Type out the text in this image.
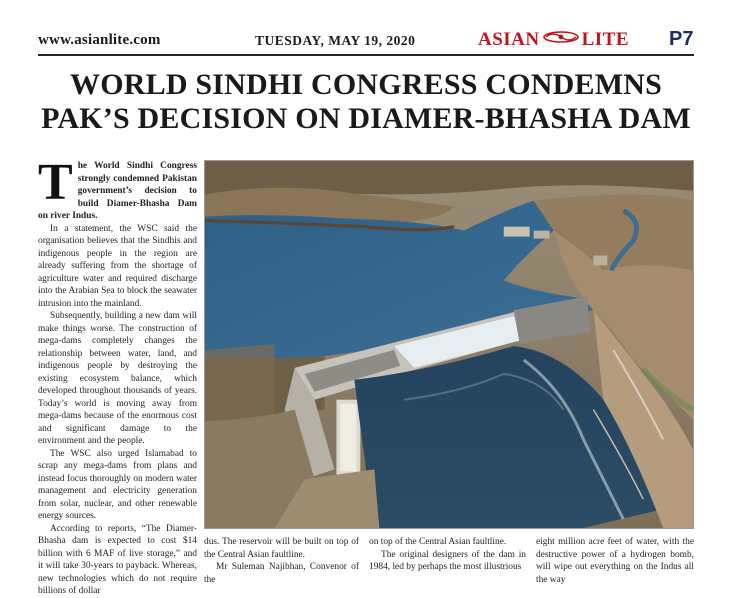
www.asianlite.com	TUESDAY, MAY 19, 2020	ASIAN LITE P7
WORLD SINDHI CONGRESS CONDEMNS
PAK’S DECISION ON DIAMER-BHASHA DAM

The World Sindhi Congress strongly condemned Pakistan government’s decision to build Diamer-Bhasha Dam on river Indus.

In a statement, the WSC said the organisation believes that the Sindhis and indigenous people in the region are already suffering from the shortage of agriculture water and required discharge into the Arabian Sea to block the seawater intrusion into the mainland.

Subsequently, building a new dam will make things worse. The construction of mega-dams completely changes the relationship between water, land, and indigenous people by destroying the existing ecosystem balance, which developed throughout thousands of years. Today’s world is moving away from mega-dams because of the enormous cost and significant damage to the environment and the people.

The WSC also urged Islamabad to scrap any mega-dams from plans and instead focus thoroughly on modern water management and electricity generation from solar, nuclear, and other renewable energy sources.

According to reports, “The Diamer-Bhasha dam is expected to cost $14 billion with 6 MAF of live storage,” and it will take 30-years to payback. Whereas, new technologies which do not require billions of dollar

dus. The reservoir will be built on top of the Central Asian faultline.

Mr Suleman Najibhan, Convenor of the

on top of the Central Asian faultline.

The original designers of the dam in 1984, led by perhaps the most illustrious

eight million acre feet of water, with the destructive power of a hydrogen bomb, will wipe out everything on the Indus all the way
